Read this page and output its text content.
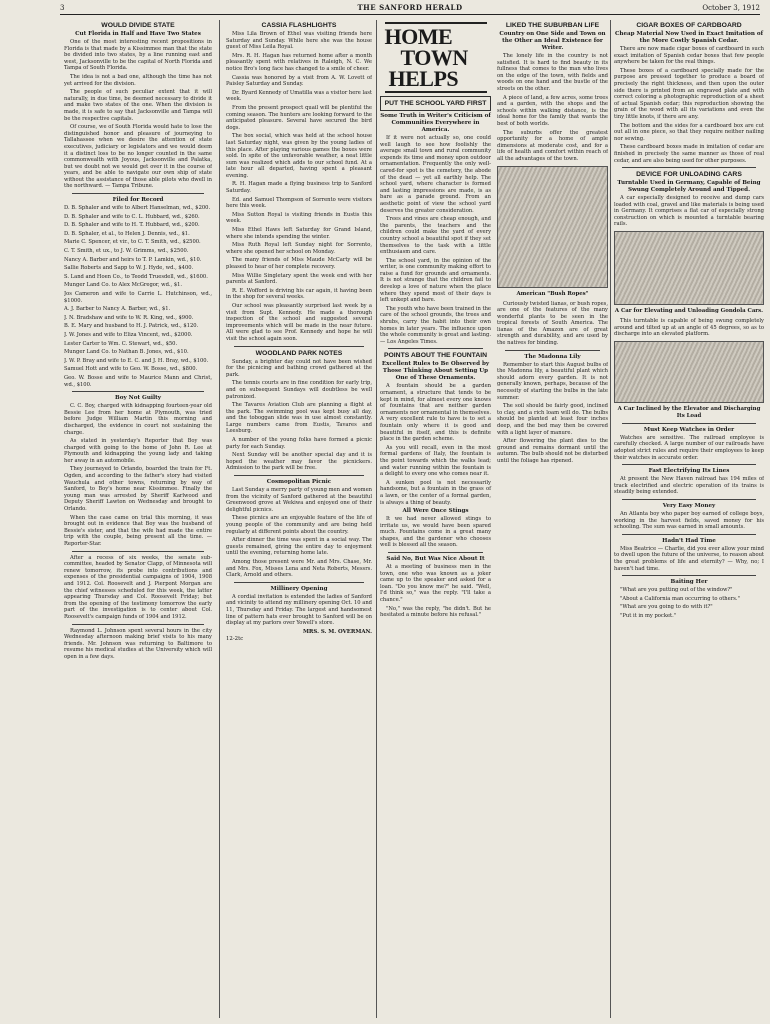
3	THE SANFORD HERALD	October 3, 1912
WOULD DIVIDE STATE
Cut Florida in Half and Have Two States

One of the most interesting recent propositions in Florida is that made by a Kissimmee man that the state be divided into two states, by a line running east and west, Jacksonville to be the capital of North Florida and Tampa of South Florida.

The idea is not a bad one, although the time has not yet arrived for the division.

The people of such peculiar extent that it will naturally, in due time, be deemed necessary to divide it and make two states of the one. When the division is made, it is safe to say that Jacksonville and Tampa will be the respective capitals.

Of course, we of South Florida would hate to lose the distinguished honor and pleasure of journeying to Tallahassee when we desire the attention of state executives, judiciary or legislators and we would deem it a distinct loss to be no longer counted in the same commonwealth with Joyous, Jacksonville and Palatka, but we doubt not we would get over it in the course of years, and be able to navigate our own ship of state without the assistance of those able pilots who dwell in the northward. — Tampa Tribune.

Filed for Record

D. B. Sphaler and wife to Albert Hanselman, wd., $200.

D. B. Sphaler and wife to C. L. Hubbard, wd., $260.

D. B. Sphaler and wife to H. T. Hubbard, wd., $200.

D. B. Sphaler, et al., to Helen J. Dennis, wd., $1.

Marie C. Spencer, et vir., to C. T. Smith, wd., $2500.

C. T. Smith, et ux., to J. W. Grimms, wd., $2500.

Nancy A. Barber and heirs to T. P. Lamkin, wd., $10.

Sallie Roberts and Sapp to W. J. Hyde, wd., $400.

S. Land and Hoen Co., to Teodd Truesdell, wd., $1600.

Munger Land Co. to Alex McGregor, wd., $1.

Jos Cameron and wife to Carrie L. Hutchinson, wd., $1000.

A. J. Barber to Nancy A. Barber, wd., $1.

J. N. Bradshaw and wife to W. R. King, wd., $900.

B. E. Mary and husband to H. J. Patrick, wd., $120.

J. W. Jones and wife to Eliza Vincent, wd., $2000.

Lester Carter to Wm. C. Stewart, wd., $50.

Munger Land Co. to Nathan B. Jones, wd., $10.

J. W. P. Bray and wife to E. C. and J. H. Bray, wd., $100.

Samuel Hott and wife to Geo. W. Bosse, wd., $800.

Geo. W. Bosse and wife to Maurice Mann and Christ, wd., $100.

Boy Not Guilty

C. C. Boy, charged with kidnapping fourteen-year old Bessie Lee from her home at Plymouth, was tried before Judge William Martin this morning and discharged, the evidence in court not sustaining the charge.

As stated in yesterday's Reporter that Boy was charged with going to the home of John R. Lee at Plymouth and kidnapping the young lady and taking her away in an automobile.

They journeyed to Orlando, boarded the train for Ft. Ogden, and according to the father's story had visited Wauchula and other towns, returning by way of Sanford, to Boy's home near Kissimmee. Finally the young man was arrested by Sheriff Karlwood and Deputy Sheriff Lawton on Wednesday and brought to Orlando.

When the case came on trial this morning, it was brought out in evidence that Boy was the husband of Bessie's sister, and that the wife had made the entire trip with the couple, being present all the time. — Reporter-Star.

After a recess of six weeks, the senate sub-committee, headed by Senator Clapp, of Minnesota will renew tomorrow, its probe into contributions and expenses of the presidential campaigns of 1904, 1908 and 1912. Col. Roosevelt and J. Pierpont Morgan are the chief witnesses scheduled for this week, the latter appearing Thursday and Col. Roosevelt Friday; but from the opening of the testimony tomorrow the early part of the investigation is to center about Col. Roosevelt's campaign funds of 1904 and 1912.

Raymond L. Johnson spent several hours in the city Wednesday afternoon making brief visits to his many friends. Mr. Johnson was returning to Baltimore to resume his medical studies at the University which will open in a few days.

CASSIA FLASHLIGHTS

Miss Lila Brown of Ethel was visiting friends here Saturday and Sunday. While here she was the house guest of Miss Leila Royal.

Mrs. R. H. Hagan has returned home after a month pleasantly spent with relatives in Raleigh, N. C. We notice Bro's long face has changed to a smile of cheer.

Cassia was honored by a visit from A. W. Lovett of Paisley Saturday and Sunday.

Dr. Byard Kennedy of Umatilla was a visitor here last week.

From the present prospect quail will be plentiful the coming season. The hunters are looking forward to the anticipated pleasure. Several have secured the bird dogs.

The box social, which was held at the school house last Saturday night, was given by the young ladies of this place. After playing various games the boxes were sold. In spite of the unfavorable weather, a neat little sum was realized which adds to our school fund. At a late hour all departed, having spent a pleasant evening.

R. H. Hagan made a flying business trip to Sanford Saturday.

Ed. and Samuel Thompson of Sorrento were visitors here this week.

Miss Sutton Royal is visiting friends in Eustis this week.

Miss Ethel Haws left Saturday for Grand Island, where she intends spending the winter.

Miss Ruth Royal left Sunday night for Sorrento, where she opened her school on Monday.

The many friends of Miss Maude McCarty will be pleased to hear of her complete recovery.

Miss Willie Singletary spent the week end with her parents at Sanford.

R. E. Wofford is driving his car again, it having been in the shop for several weeks.

Our school was pleasantly surprised last week by a visit from Supt. Kennedy. He made a thorough inspection of the school and suggested several improvements which will be made in the near future. All were glad to see Prof. Kennedy and hope he will visit the school again soon.

WOODLAND PARK NOTES

Sunday, a brighter day could not have been wished for the picnicing and bathing crowd gathered at the park.

The tennis courts are in fine condition for early trip, and on subsequent Sundays will doubtless be well patronized.

The Tavares Aviation Club are planning a flight at the park. The swimming pool was kept busy all day, and the toboggan slide was in use almost constantly. Large numbers came from Eustis, Tavares and Leesburg.

A number of the young folks have formed a picnic party for each Sunday.

Next Sunday will be another special day and it is hoped the weather may favor the picnickers. Admission to the park will be free.

Cosmopolitan Picnic

Last Sunday a merry party of young men and women from the vicinity of Sanford gathered at the beautiful Greenwood grove at Wekiwa and enjoyed one of their delightful picnics.

These picnics are an enjoyable feature of the life of young people of the community and are being held regularly at different points about the country.

After dinner the time was spent in a social way. The guests remained, giving the entire day to enjoyment until the evening, returning home late.

Among those present were Mr. and Mrs. Chase, Mr. and Mrs. Fox, Misses Lena and Neta Roberts, Messrs. Clark, Arnold and others.

Millinery Opening

A cordial invitation is extended the ladies of Sanford and vicinity to attend my millinery opening Oct. 10 and 11, Thursday and Friday. The largest and handsomest line of pattern hats ever brought to Sanford will be on display at my parlors over Yowell's store.

MRS. S. M. OVERMAN.
12-2tc
HOME
TOWN
HELPS
PUT THE SCHOOL YARD FIRST
Some Truth in Writer's Criticism of Communities Everywhere in America.

If it were not actually so, one could well laugh to see how foolishly the average small town and rural community expends its time and money upon outdoor ornamentation. Frequently the only well-cared-for spot is the cemetery, the abode of the dead — yet all earthly help. The school yard, where character is formed and lasting impressions are made, is as bare as a parade ground. From an aesthetic point of view the school yard deserves the greater consideration.

Trees and vines are cheap enough, and the parents, the teachers and the children could make the yard of every country school a beautiful spot if they set themselves to the task with a little enthusiasm and care.

The school yard, in the opinion of the writer, is one community making effort to raise a fund for grounds and ornaments. It is not strange that the children fail to develop a love of nature when the place where they spend most of their days is left unkept and bare.

The youth who have been trained in the care of the school grounds, the trees and shrubs, carry the habit into their own homes in later years. The influence upon the whole community is great and lasting. — Los Angeles Times.

POINTS ABOUT THE FOUNTAIN
Excellent Rules to Be Observed by Those Thinking About Setting Up One of These Ornaments.

A fountain should be a garden ornament, a structure that tends to be kept in mind, for almost every one knows of fountains that are neither garden ornaments nor ornamental in themselves. A very excellent rule to have is to set a fountain only where it is good and beautiful in itself, and this is definite place in the garden scheme.

As you will recall, even in the most formal gardens of Italy, the fountain is the point towards which the walks lead; and water running within the fountain is a delight to every one who comes near it.

A sunken pool is not necessarily handsome, but a fountain in the grass of a lawn, or the center of a formal garden, is always a thing of beauty.

All Were Once Stings

It we had never allowed stings to irritate us, we would have been spared much. Fountains come in a great many shapes, and the gardener who chooses well is blessed all the season.

Said No, But Was Nice About It

At a meeting of business men in the town, one who was known as a joker came up to the speaker and asked for a loan. "Do you know me?" he said. "Well, I'd think so," was the reply. "I'll take a chance."

"No," was the reply, "he didn't. But he hesitated a minute before his refusal."

LIKED THE SUBURBAN LIFE
Country on One Side and Town on the Other an Ideal Existence for Writer.

The lonely life in the country is not satisfied. It is hard to find beauty in its fullness that comes to the man who lives on the edge of the town, with fields and woods on one hand and the bustle of the streets on the other.

A piece of land, a few acres, some trees and a garden, with the shops and the schools within walking distance, is the ideal home for the family that wants the best of both worlds.

The suburbs offer the greatest opportunity for a home of ample dimensions at moderate cost, and for a life of health and comfort within reach of all the advantages of the town.

American "Bush Ropes"

Curiously twisted lianas, or bush ropes, are one of the features of the many wonderful plants to be seen in the tropical forests of South America. The lianas of the Amazon are of great strength and durability, and are used by the natives for binding.

The Madonna Lily

Remember to start this August bulbs of the Madonna lily, a beautiful plant which should adorn every garden. It is not generally known, perhaps, because of the necessity of starting the bulbs in the late summer.

The soil should be fairly good, inclined to clay, and a rich loam will do. The bulbs should be planted at least four inches deep, and the bed may then be covered with a light layer of manure.

After flowering the plant dies to the ground and remains dormant until the autumn. The bulb should not be disturbed until the foliage has ripened.

CIGAR BOXES OF CARDBOARD
Cheap Material Now Used in Exact Imitation of the More Costly Spanish Cedar.

There are now made cigar boxes of cardboard in such exact imitation of Spanish cedar boxes that few people anywhere be taken for the real things.

These boxes of a cardboard specially made for the purpose are pressed together to produce a board of precisely the right thickness, and then upon the outer side there is printed from an engraved plate and with correct coloring a photographic reproduction of a sheet of actual Spanish cedar; this reproduction showing the grain of the wood with all its variations and even the tiny little knots, if there are any.

The bottom and the sides for a cardboard box are cut out all in one piece, so that they require neither nailing nor sewing.

These cardboard boxes made in imitation of cedar are finished in precisely the same manner as those of real cedar, and are also being used for other purposes.

DEVICE FOR UNLOADING CARS
Turntable Used in Germany, Capable of Being Swung Completely Around and Tipped.

A car especially designed to receive and dump cars loaded with coal, gravel and like materials is being used in Germany. It comprises a flat car of especially strong construction on which is mounted a turntable bearing rails.

A Car for Elevating and Unloading Gondola Cars.

This turntable is capable of being swung completely around and tilted up at an angle of 45 degrees, so as to discharge into an elevated platform.

A Car Inclined by the Elevator and Discharging Its Load
Must Keep Watches in Order

Watches are sensitive. The railroad employee is carefully checked. A large number of our railroads have adopted strict rules and require their employees to keep their watches in accurate order.

Fast Electrifying Its Lines

At present the New Haven railroad has 194 miles of track electrified and electric operation of its trains is steadily being extended.

Very Easy Money

An Atlanta boy who paper boy earned of college boys, working in the harvest fields, saved money for his schooling. The sum was earned in small amounts.

Hadn't Had Time

Miss Beatrice — Charlie, did you ever allow your mind to dwell upon the future of the universe, to reason about the great problems of life and eternity? — Why, no; I haven't had time.

Baiting Her

"What are you putting out of the window?"

"About a California man occurring to others."

"What are you going to do with it?"

"Put it in my pocket."
